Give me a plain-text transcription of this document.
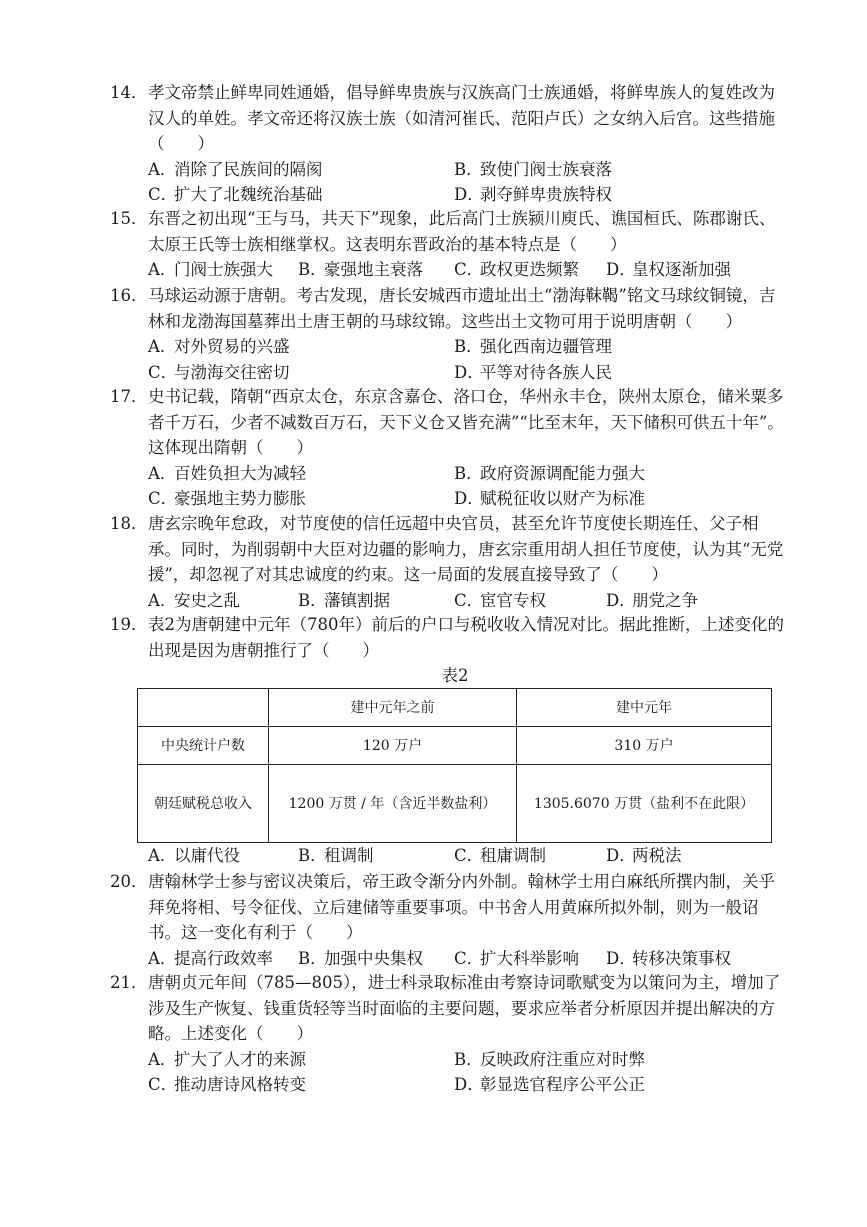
14． 孝文帝禁止鲜卑同姓通婚，倡导鲜卑贵族与汉族高门士族通婚，将鲜卑族人的复姓改为汉人的单姓。孝文帝还将汉族士族（如清河崔氏、范阳卢氏）之女纳入后宫。这些措施（　　）
A．消除了民族间的隔阂	B．致使门阀士族衰落
C．扩大了北魏统治基础	D．剥夺鲜卑贵族特权
15． 东晋之初出现“王与马，共天下”现象，此后高门士族颍川庾氏、谯国桓氏、陈郡谢氏、太原王氏等士族相继掌权。这表明东晋政治的基本特点是（　　）
A．门阀士族强大 B．豪强地主衰落 C．政权更迭频繁 D．皇权逐渐加强
16． 马球运动源于唐朝。考古发现，唐长安城西市遗址出土“渤海靺鞨”铭文马球纹铜镜，吉林和龙渤海国墓葬出土唐王朝的马球纹锦。这些出土文物可用于说明唐朝（　　）
A．对外贸易的兴盛	B．强化西南边疆管理
C．与渤海交往密切	D．平等对待各族人民
17． 史书记载，隋朝“西京太仓，东京含嘉仓、洛口仓，华州永丰仓，陕州太原仓，储米粟多者千万石，少者不减数百万石，天下义仓又皆充满”“比至末年，天下储积可供五十年”。这体现出隋朝（　　）
A．百姓负担大为减轻	B．政府资源调配能力强大
C．豪强地主势力膨胀	D．赋税征收以财产为标准
18． 唐玄宗晚年怠政，对节度使的信任远超中央官员，甚至允许节度使长期连任、父子相承。同时，为削弱朝中大臣对边疆的影响力，唐玄宗重用胡人担任节度使，认为其“无党援”，却忽视了对其忠诚度的约束。这一局面的发展直接导致了（　　）
A．安史之乱	B．藩镇割据	C．宦官专权	D．朋党之争
19． 表2为唐朝建中元年（780年）前后的户口与税收收入情况对比。据此推断，上述变化的出现是因为唐朝推行了（　　）
表2
	建中元年之前	建中元年
中央统计户数	120 万户	310 万户
朝廷赋税总收入	1200 万贯 / 年（含近半数盐利）	1305.6070 万贯（盐利不在此限）
A．以庸代役	B．租调制	C．租庸调制	D．两税法
20． 唐翰林学士参与密议决策后，帝王政令渐分内外制。翰林学士用白麻纸所撰内制，关乎拜免将相、号令征伐、立后建储等重要事项。中书舍人用黄麻所拟外制，则为一般诏书。这一变化有利于（　　）
A．提高行政效率 B．加强中央集权 C．扩大科举影响 D．转移决策事权
21． 唐朝贞元年间（785—805），进士科录取标准由考察诗词歌赋变为以策问为主，增加了涉及生产恢复、钱重货轻等当时面临的主要问题，要求应举者分析原因并提出解决的方略。上述变化（　　）
A．扩大了人才的来源	B．反映政府注重应对时弊
C．推动唐诗风格转变	D．彰显选官程序公平公正
